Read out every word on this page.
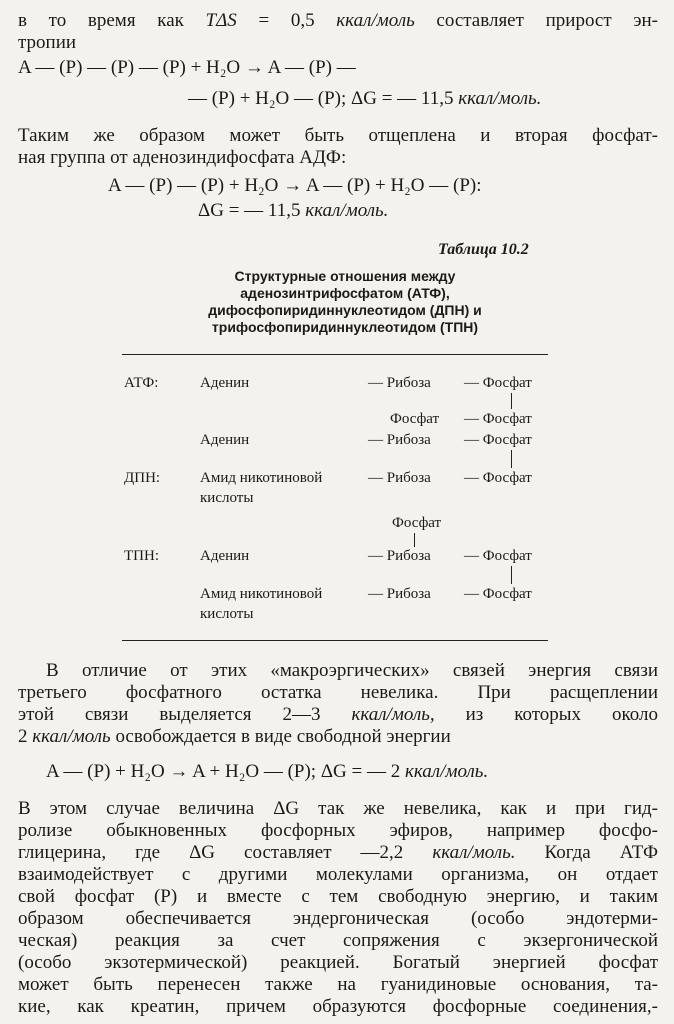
в то время как TΔS = 0,5 ккал/моль составляет прирост эн-
тропии
A — (P) — (P) — (P) + H₂O → A — (P) —
— (P) + H₂O — (P); ΔG = — 11,5 ккал/моль.
Таким же образом может быть отщеплена и вторая фосфат-
ная группа от аденозиндифосфата АДФ:
A — (P) — (P) + H₂O → A — (P) + H₂O — (P):
ΔG = — 11,5 ккал/моль.
Таблица 10.2
Структурные отношения между
аденозинтрифосфатом (АТФ),
дифосфопиридиннуклеотидом (ДПН) и
трифосфопиридиннуклеотидом (ТПН)
АТФ:	Аденин	— Рибоза — Фосфат
Фосфат — Фосфат
Аденин	— Рибоза — Фосфат
ДПН:	Амид никотиновой
кислоты
— Рибоза — Фосфат
Фосфат
ТПН:	Аденин	— Рибоза — Фосфат
Амид никотиновой
кислоты
— Рибоза — Фосфат
В отличие от этих «макроэргических» связей энергия связи
третьего фосфатного остатка невелика. При расщеплении
этой связи выделяется 2—3 ккал/моль, из которых около
2 ккал/моль освобождается в виде свободной энергии
A — (P) + H₂O → A + H₂O — (P); ΔG = — 2 ккал/моль.
В этом случае величина ΔG так же невелика, как и при гид-
ролизе обыкновенных фосфорных эфиров, например фосфо-
глицерина, где ΔG составляет —2,2 ккал/моль. Когда АТФ
взаимодействует с другими молекулами организма, он отдает
свой фосфат (P) и вместе с тем свободную энергию, и таким
образом обеспечивается эндергоническая (особо эндотерми-
ческая) реакция за счет сопряжения с экзергонической
(особо экзотермической) реакцией. Богатый энергией фосфат
может быть перенесен также на гуанидиновые основания, та-
кие, как креатин, причем образуются фосфорные соединения,-
